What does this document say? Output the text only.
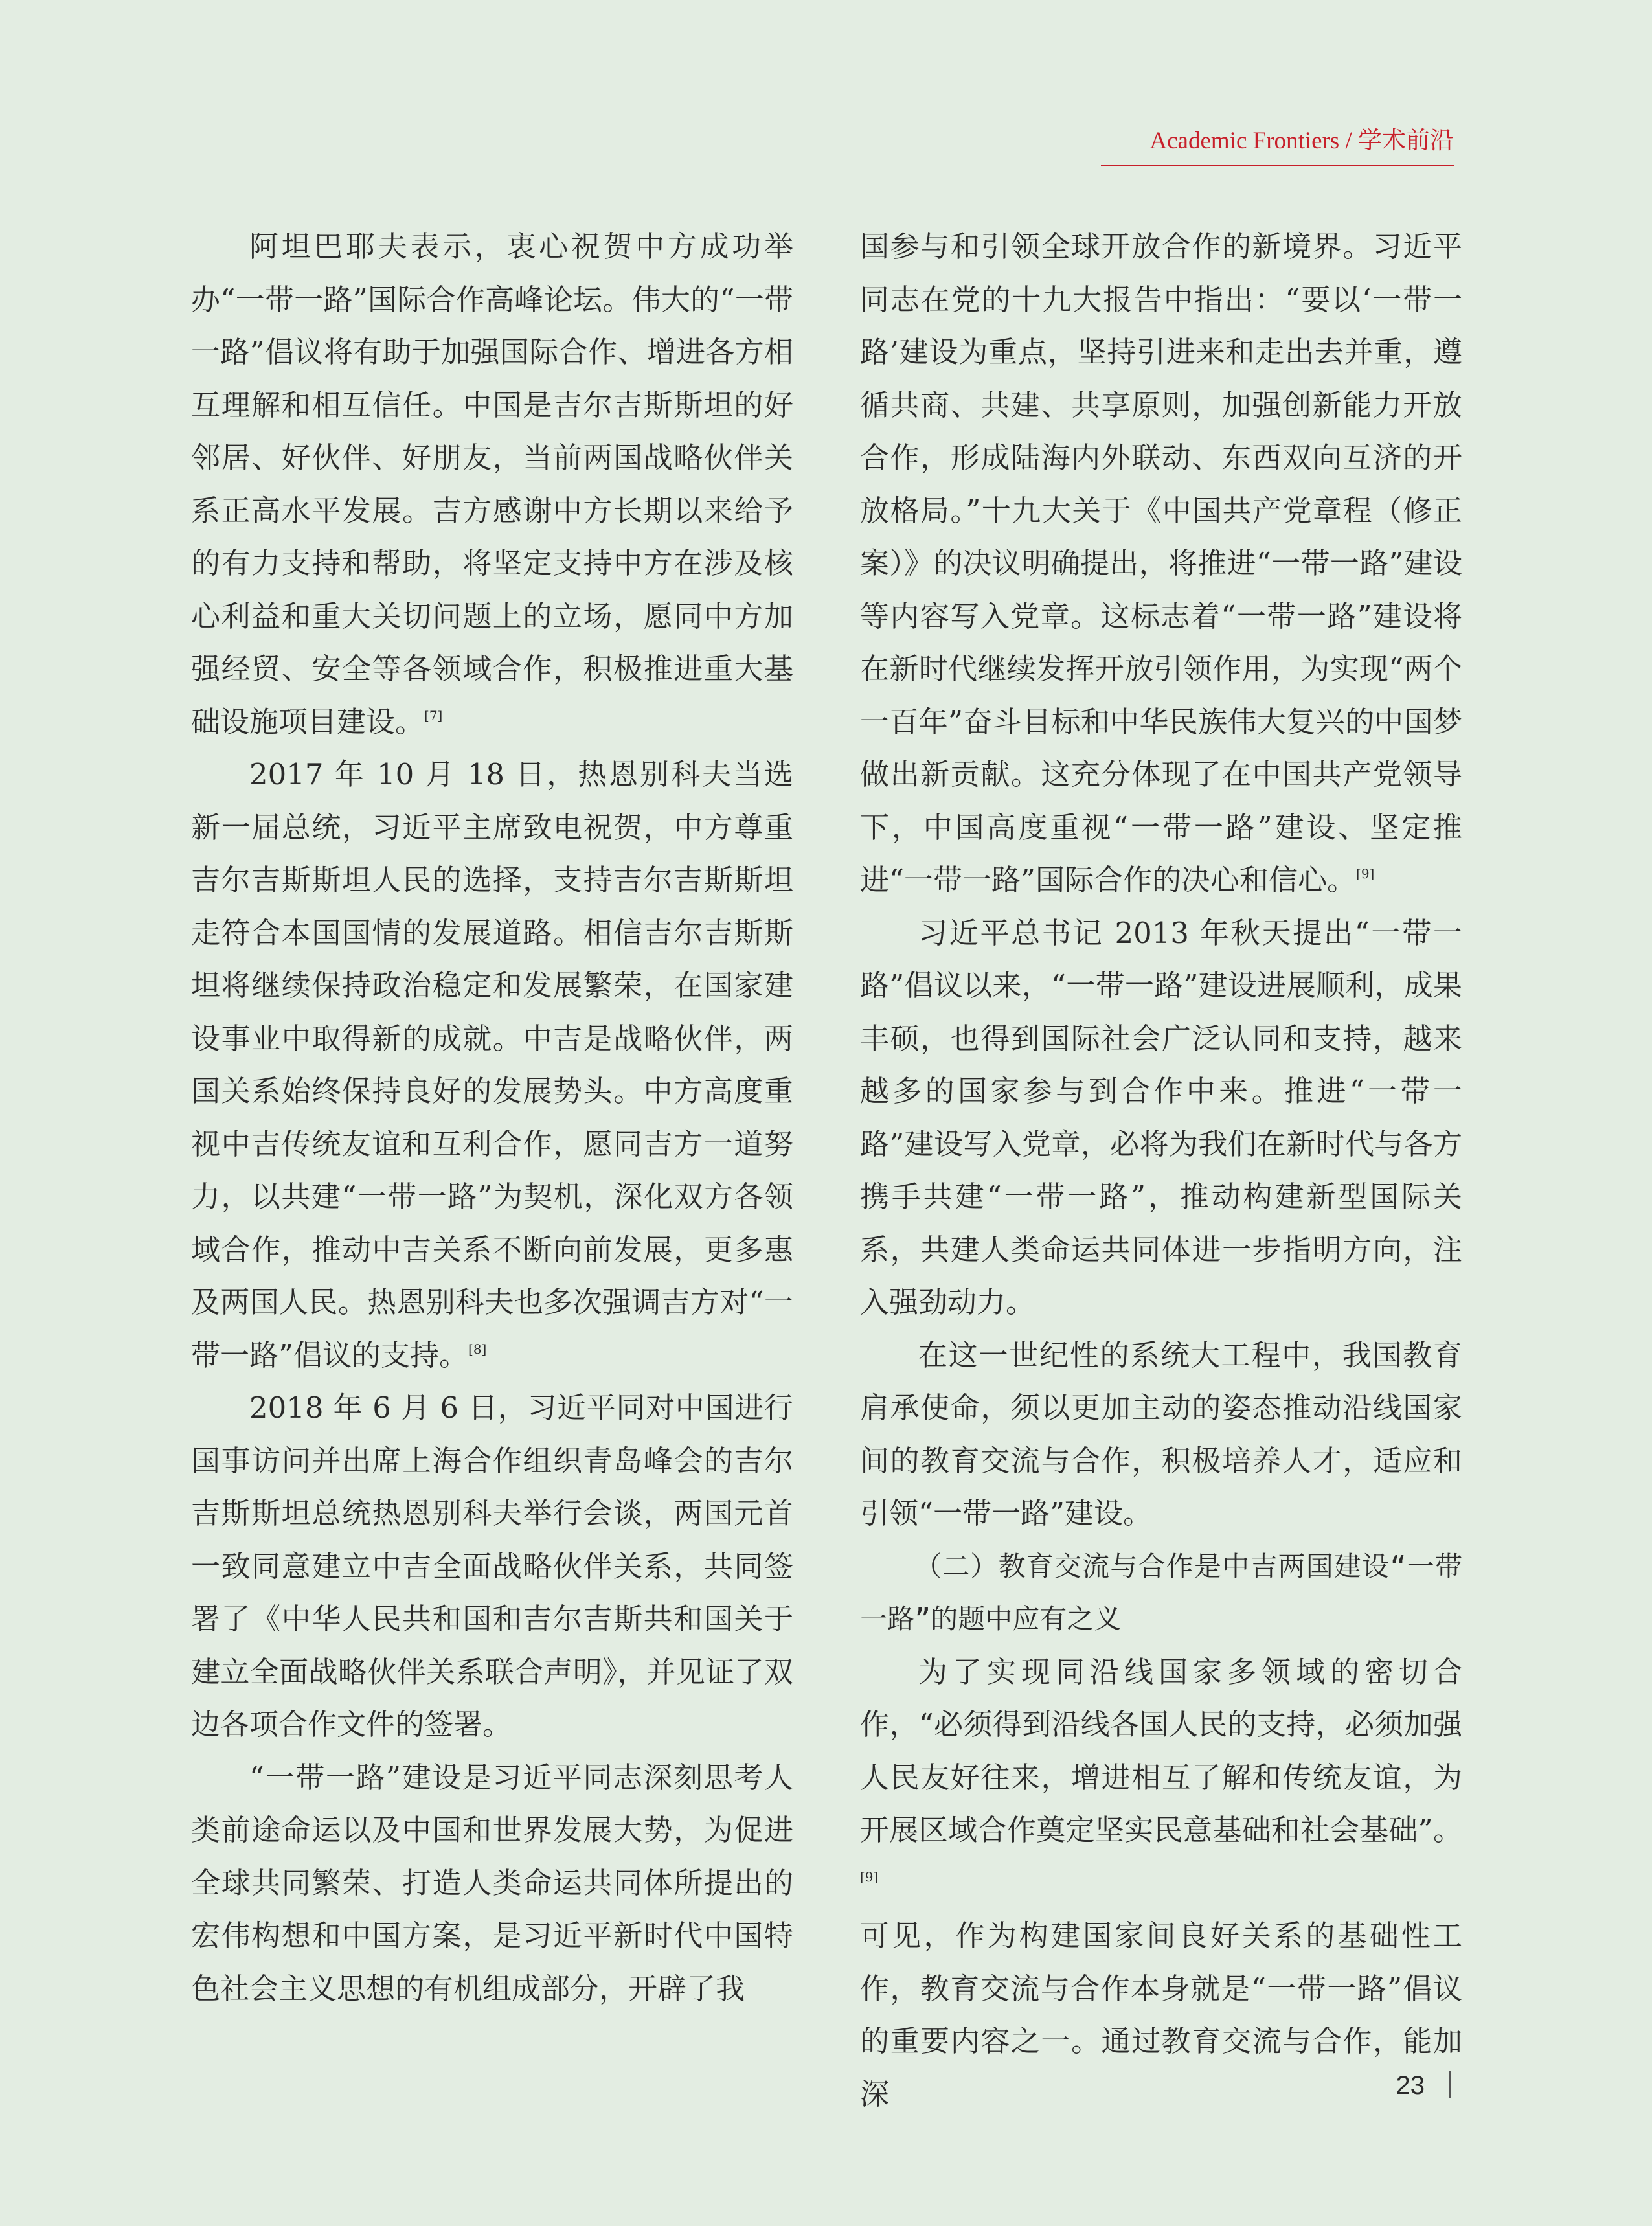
Academic Frontiers / 学术前沿

阿坦巴耶夫表示，衷心祝贺中方成功举办“一带一路”国际合作高峰论坛。伟大的“一带一路”倡议将有助于加强国际合作、增进各方相互理解和相互信任。中国是吉尔吉斯斯坦的好邻居、好伙伴、好朋友，当前两国战略伙伴关系正高水平发展。吉方感谢中方长期以来给予的有力支持和帮助，将坚定支持中方在涉及核心利益和重大关切问题上的立场，愿同中方加强经贸、安全等各领域合作，积极推进重大基础设施项目建设。[7]

2017 年 10 月 18 日，热恩别科夫当选新一届总统，习近平主席致电祝贺，中方尊重吉尔吉斯斯坦人民的选择，支持吉尔吉斯斯坦走符合本国国情的发展道路。相信吉尔吉斯斯坦将继续保持政治稳定和发展繁荣，在国家建设事业中取得新的成就。中吉是战略伙伴，两国关系始终保持良好的发展势头。中方高度重视中吉传统友谊和互利合作，愿同吉方一道努力，以共建“一带一路”为契机，深化双方各领域合作，推动中吉关系不断向前发展，更多惠及两国人民。热恩别科夫也多次强调吉方对“一带一路”倡议的支持。[8]

2018 年 6 月 6 日，习近平同对中国进行国事访问并出席上海合作组织青岛峰会的吉尔吉斯斯坦总统热恩别科夫举行会谈，两国元首一致同意建立中吉全面战略伙伴关系，共同签署了《中华人民共和国和吉尔吉斯共和国关于建立全面战略伙伴关系联合声明》，并见证了双边各项合作文件的签署。

“一带一路”建设是习近平同志深刻思考人类前途命运以及中国和世界发展大势，为促进全球共同繁荣、打造人类命运共同体所提出的宏伟构想和中国方案，是习近平新时代中国特色社会主义思想的有机组成部分，开辟了我

国参与和引领全球开放合作的新境界。习近平同志在党的十九大报告中指出：“要以‘一带一路’建设为重点，坚持引进来和走出去并重，遵循共商、共建、共享原则，加强创新能力开放合作，形成陆海内外联动、东西双向互济的开放格局。”十九大关于《中国共产党章程（修正案）》的决议明确提出，将推进“一带一路”建设等内容写入党章。这标志着“一带一路”建设将在新时代继续发挥开放引领作用，为实现“两个一百年”奋斗目标和中华民族伟大复兴的中国梦做出新贡献。这充分体现了在中国共产党领导下，中国高度重视“一带一路”建设、坚定推进“一带一路”国际合作的决心和信心。[9]

习近平总书记 2013 年秋天提出“一带一路”倡议以来，“一带一路”建设进展顺利，成果丰硕，也得到国际社会广泛认同和支持，越来越多的国家参与到合作中来。推进“一带一路”建设写入党章，必将为我们在新时代与各方携手共建“一带一路”，推动构建新型国际关系，共建人类命运共同体进一步指明方向，注入强劲动力。

在这一世纪性的系统大工程中，我国教育肩承使命，须以更加主动的姿态推动沿线国家间的教育交流与合作，积极培养人才，适应和引领“一带一路”建设。

（二）教育交流与合作是中吉两国建设“一带一路”的题中应有之义

为了实现同沿线国家多领域的密切合作，“必须得到沿线各国人民的支持，必须加强人民友好往来，增进相互了解和传统友谊，为开展区域合作奠定坚实民意基础和社会基础”。[9]

可见，作为构建国家间良好关系的基础性工作，教育交流与合作本身就是“一带一路”倡议的重要内容之一。通过教育交流与合作，能加深	23
